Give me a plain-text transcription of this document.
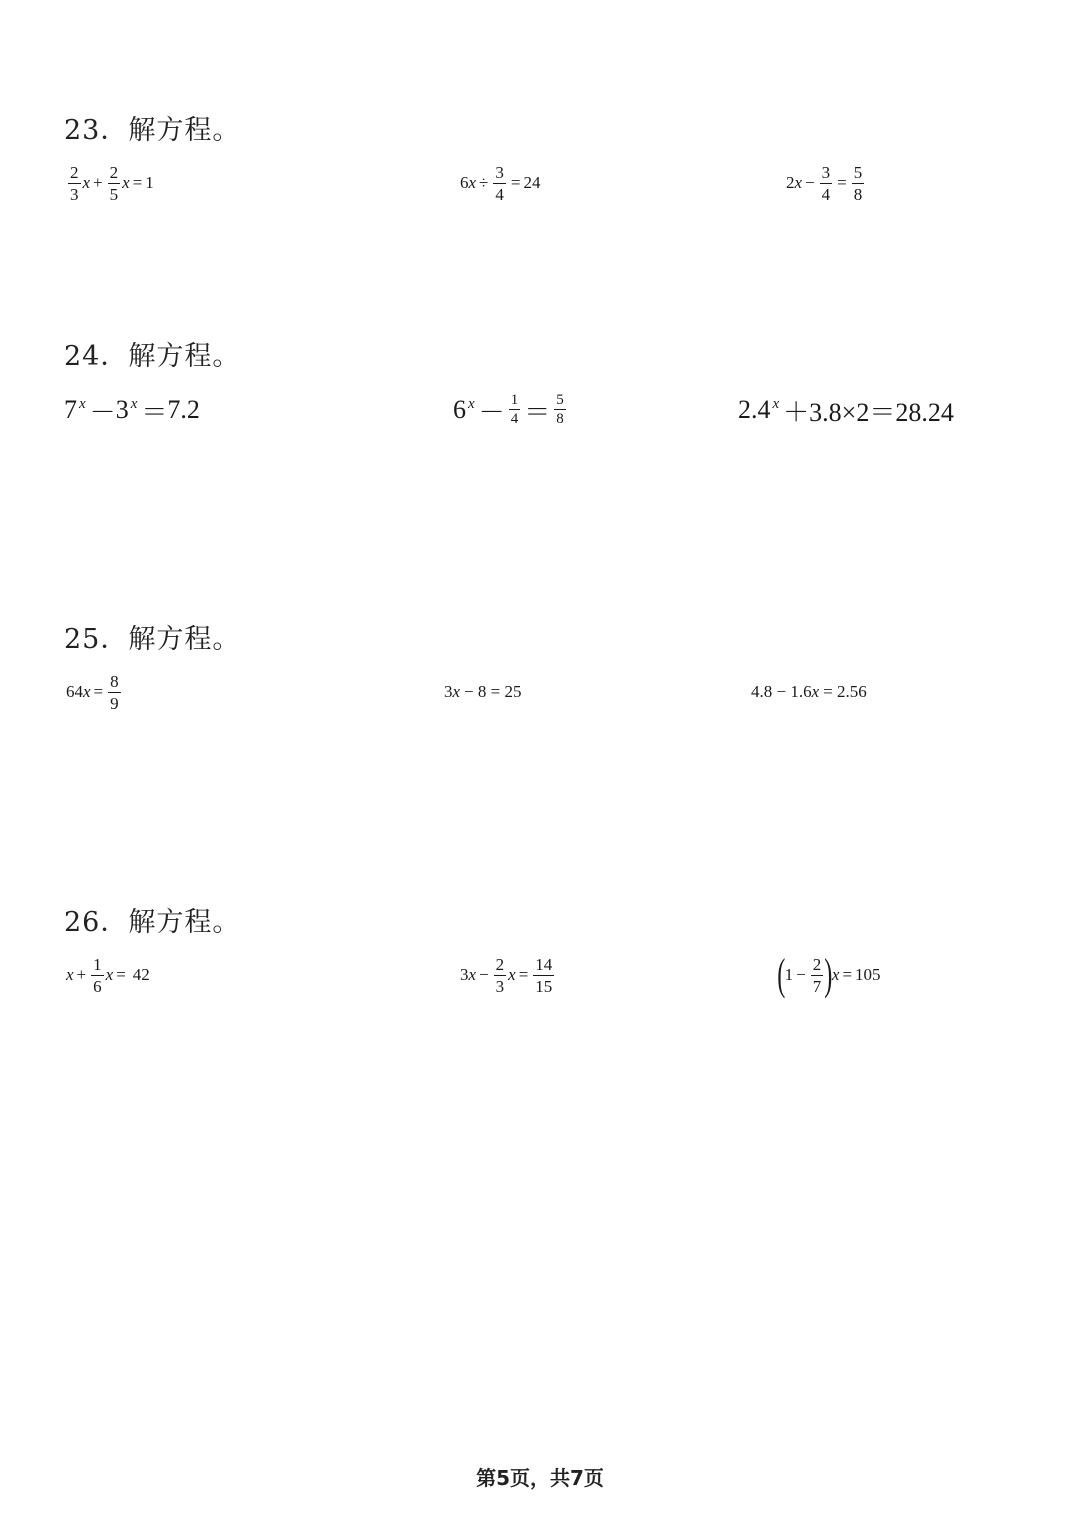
23．解方程。
$\frac{2}{3}$ $x + \frac{2}{5}$ x = 1	6 $x \div \frac{3}{4} = 24$	2 $x - \frac{3}{4} = \frac{5}{8}$
24．解方程。
7 x － 3 x ＝ 7.2	6 $x - \frac{1}{4} = \frac{5}{8}$	2.4 x ＋3.8×2＝28.24
25．解方程。
64 $x = \frac{8}{9}$	3 x − 8 = 25	4.8 − 1.6 x = 2.56
26．解方程。
$x + \frac{1}{6}$ x = 42	3 $x - \frac{2}{3}$ $x = \frac{14}{15}$	( $1 - \frac{2}{7}$ ) x = 105
第5页，共7页
